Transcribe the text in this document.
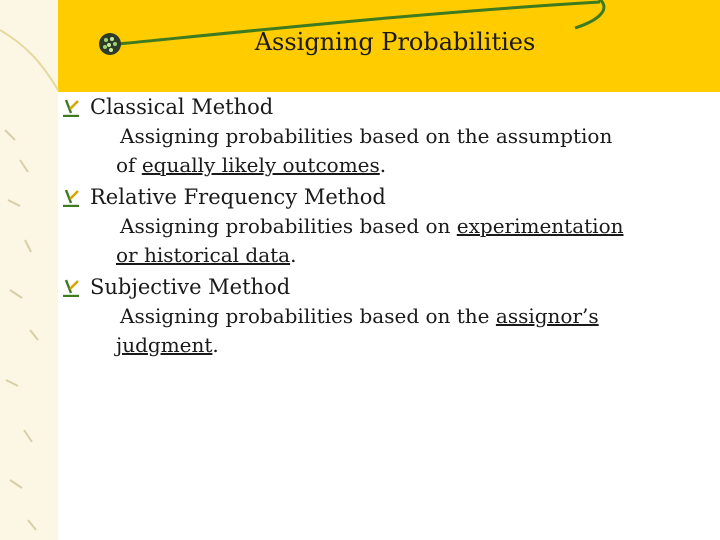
Assigning Probabilities
Classical Method
Assigning probabilities based on the assumption
of equally likely outcomes.
Relative Frequency Method
Assigning probabilities based on experimentation
or historical data.
Subjective Method
Assigning probabilities based on the assignor’s
judgment.
